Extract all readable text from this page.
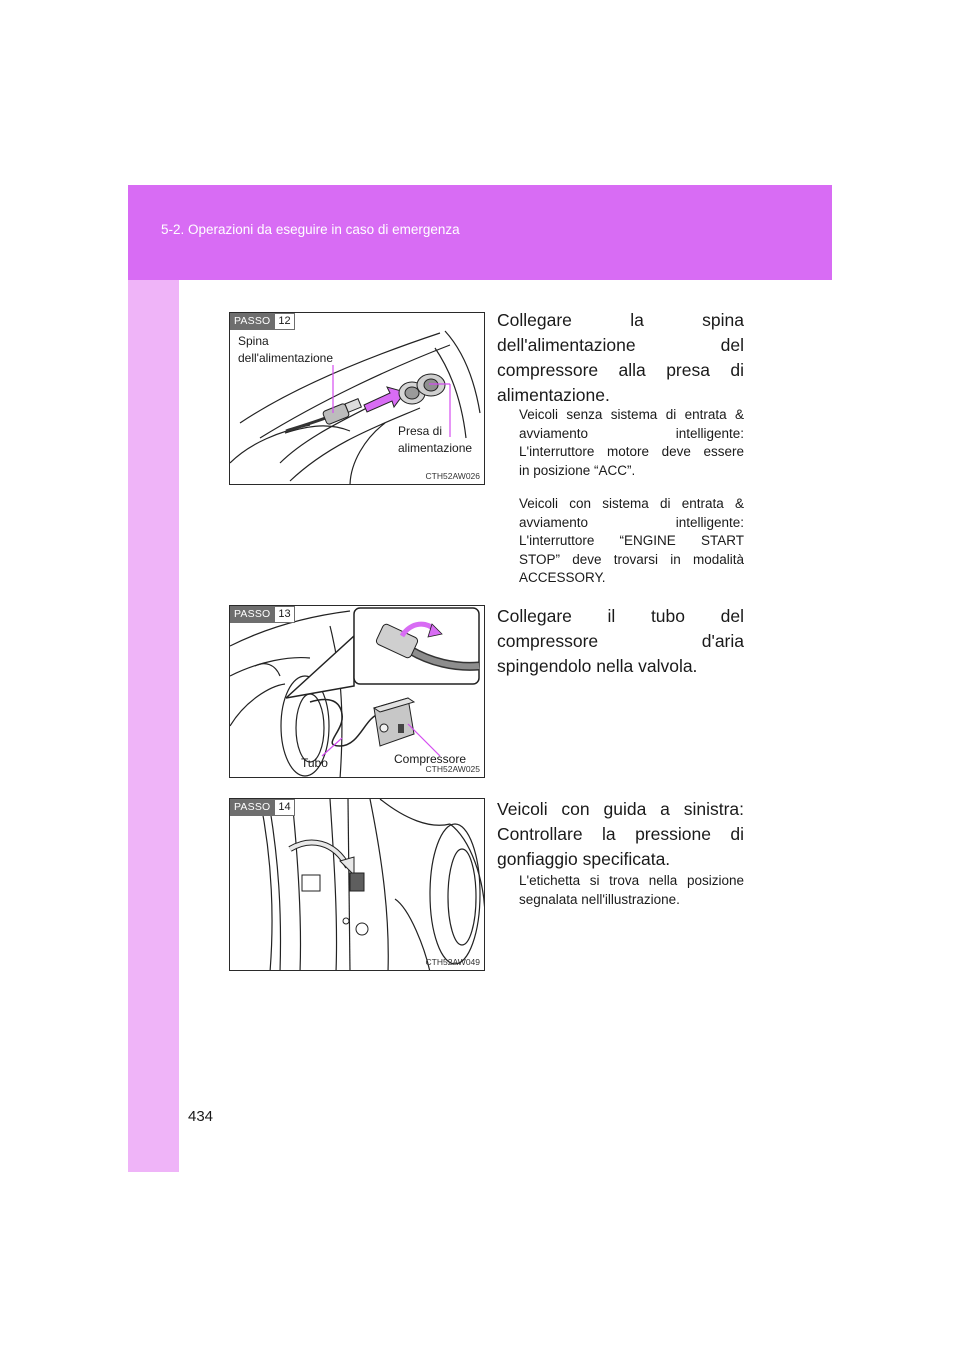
5-2. Operazioni da eseguire in caso di emergenza
PASSO 12
Spina
dell'alimentazione
Presa di
alimentazione
CTH52AW026
Collegare la spina dell'alimentazione del compressore alla presa di alimentazione.
Veicoli senza sistema di entrata &
avviamento intelligente:
L'interruttore motore deve essere
in posizione “ACC”.
Veicoli con sistema di entrata &
avviamento intelligente:
L'interruttore “ENGINE START
STOP” deve trovarsi in modalità
ACCESSORY.
PASSO 13
Tubo	Compressore
CTH52AW025
Collegare il tubo del compressore d'aria spingendolo nella valvola.
PASSO 14
CTH52AW049
Veicoli con guida a sinistra: Controllare la pressione di gonfiaggio specificata.
L'etichetta si trova nella posizione
segnalata nell'illustrazione.
434
